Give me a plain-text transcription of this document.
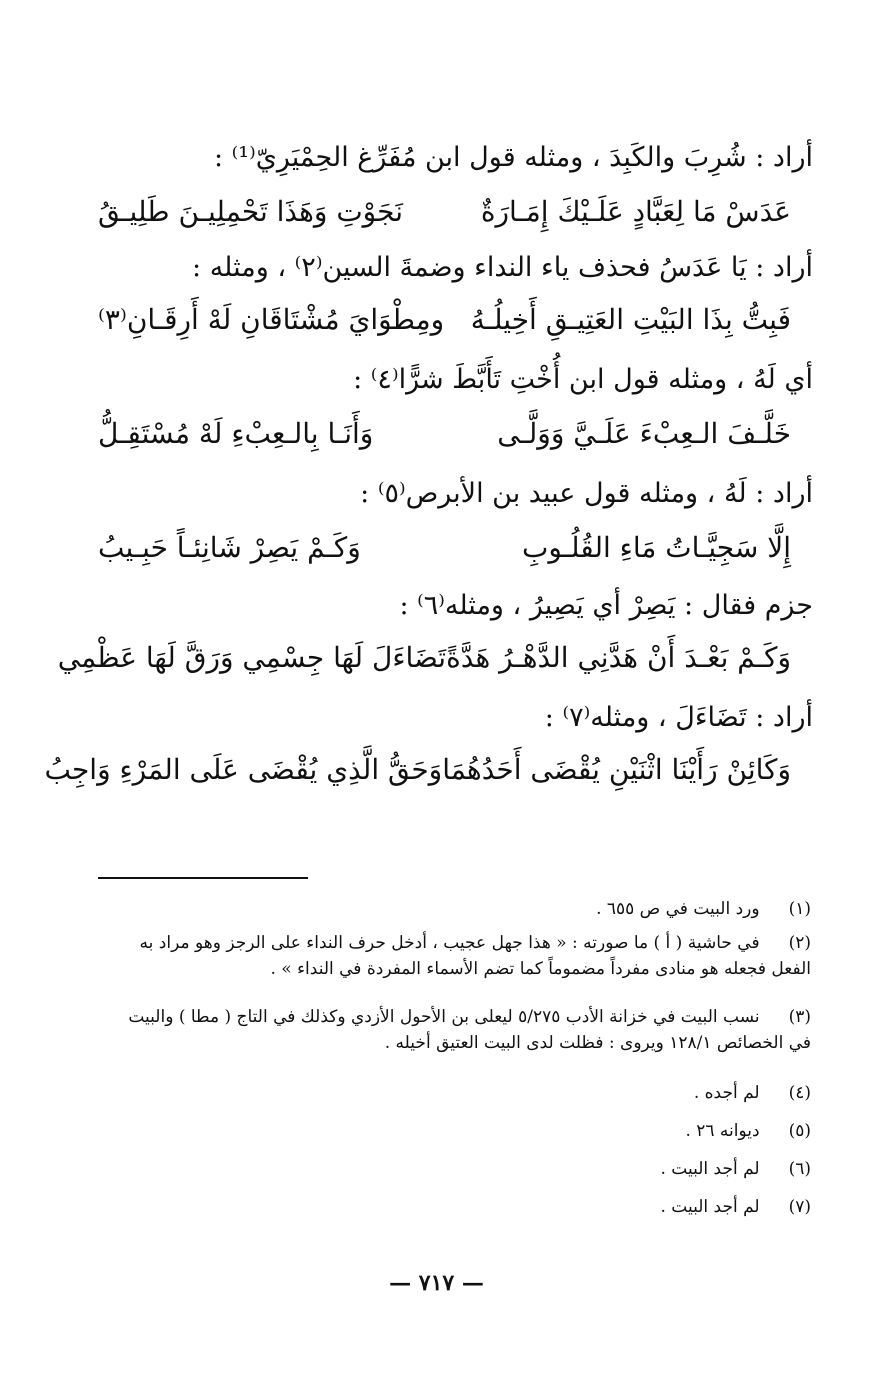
أراد : شُرِبَ والكَبِدَ ، ومثله قول ابن مُفَرِّغ الحِمْيَرِيّ⁽¹⁾ :
عَدَسْ مَا لِعَبَّادٍ عَلَـيْكَ إِمَـارَةٌ
نَجَوْتِ وَهَذَا تَحْمِلِيـنَ طَلِيـقُ
أراد : يَا عَدَسُ فحذف ياء النداء وضمةَ السين⁽٢⁾ ، ومثله :
فَبِتُّ بِذَا البَيْتِ العَتِيـقِ أَخِيلُـهُ
ومِطْوَايَ مُشْتَاقَانِ لَهْ أَرِقَـانِ⁽٣⁾
أي لَهُ ، ومثله قول ابن أُخْتِ تَأَبَّطَ شرًّا⁽٤⁾ :
خَلَّـفَ الـعِبْءَ عَلَـيَّ وَوَلَّـى
وَأَنَـا بِالـعِبْءِ لَهْ مُسْتَقِـلُّ
أراد : لَهُ ، ومثله قول عبيد بن الأبرص⁽٥⁾ :
إِلَّا سَجِيَّـاتُ مَاءِ القُلُـوبِ
وَكَـمْ يَصِرْ شَانِئـاً حَبِـيبُ
جزم فقال : يَصِرْ أي يَصِيرُ ، ومثله⁽٦⁾ :
وَكَـمْ بَعْـدَ أَنْ هَدَّنِي الدَّهْـرُ هَدَّةً
تَضَاءَلَ لَهَا جِسْمِي وَرَقَّ لَهَا عَظْمِي
أراد : تَضَاءَلَ ، ومثله⁽٧⁾ :
وَكَائِنْ رَأَيْنَا اثْنَيْنِ يُقْضَى أَحَدُهُمَا
وَحَقُّ الَّذِي يُقْضَى عَلَى المَرْءِ وَاجِبُ
(١) ورد البيت في ص ٦٥٥ .
(٢) في حاشية ( أ ) ما صورته : « هذا جهل عجيب ، أدخل حرف النداء على الرجز وهو مراد به
الفعل فجعله هو منادى مفرداً مضموماً كما تضم الأسماء المفردة في النداء » .
(٣) نسب البيت في خزانة الأدب ٥/٢٧٥ ليعلى بن الأحول الأزدي وكذلك في التاج ( مطا ) والبيت
في الخصائص ١٢٨/١ ويروى : فظلت لدى البيت العتيق أخيله .
(٤) لم أجده .
(٥) ديوانه ٢٦ .
(٦) لم أجد البيت .
(٧) لم أجد البيت .
— ٧١٧ —
